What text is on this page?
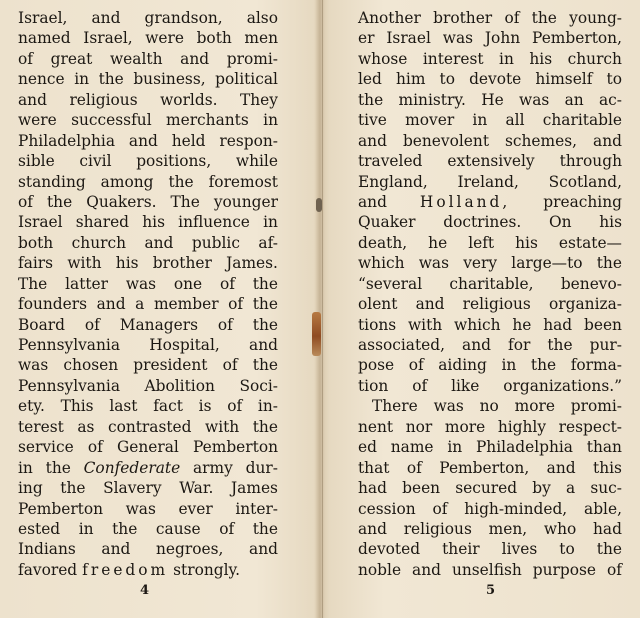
Israel, and grandson, also
named Israel, were both men
of great wealth and promi-
nence in the business, political
and religious worlds. They
were successful merchants in
Philadelphia and held respon-
sible civil positions, while
standing among the foremost
of the Quakers. The younger
Israel shared his influence in
both church and public af-
fairs with his brother James.
The latter was one of the
founders and a member of the
Board of Managers of the
Pennsylvania Hospital, and
was chosen president of the
Pennsylvania Abolition Soci-
ety. This last fact is of in-
terest as contrasted with the
service of General Pemberton
in the Confederate army dur-
ing the Slavery War. James
Pemberton was ever inter-
ested in the cause of the
Indians and negroes, and
favored freedom strongly.
4
Another brother of the young-
er Israel was John Pemberton,
whose interest in his church
led him to devote himself to
the ministry. He was an ac-
tive mover in all charitable
and benevolent schemes, and
traveled extensively through
England, Ireland, Scotland,
and Holland, preaching
Quaker doctrines. On his
death, he left his estate—
which was very large—to the
“several charitable, benevo-
olent and religious organiza-
tions with which he had been
associated, and for the pur-
pose of aiding in the forma-
tion of like organizations.”
There was no more promi-
nent nor more highly respect-
ed name in Philadelphia than
that of Pemberton, and this
had been secured by a suc-
cession of high-minded, able,
and religious men, who had
devoted their lives to the
noble and unselfish purpose of
5
